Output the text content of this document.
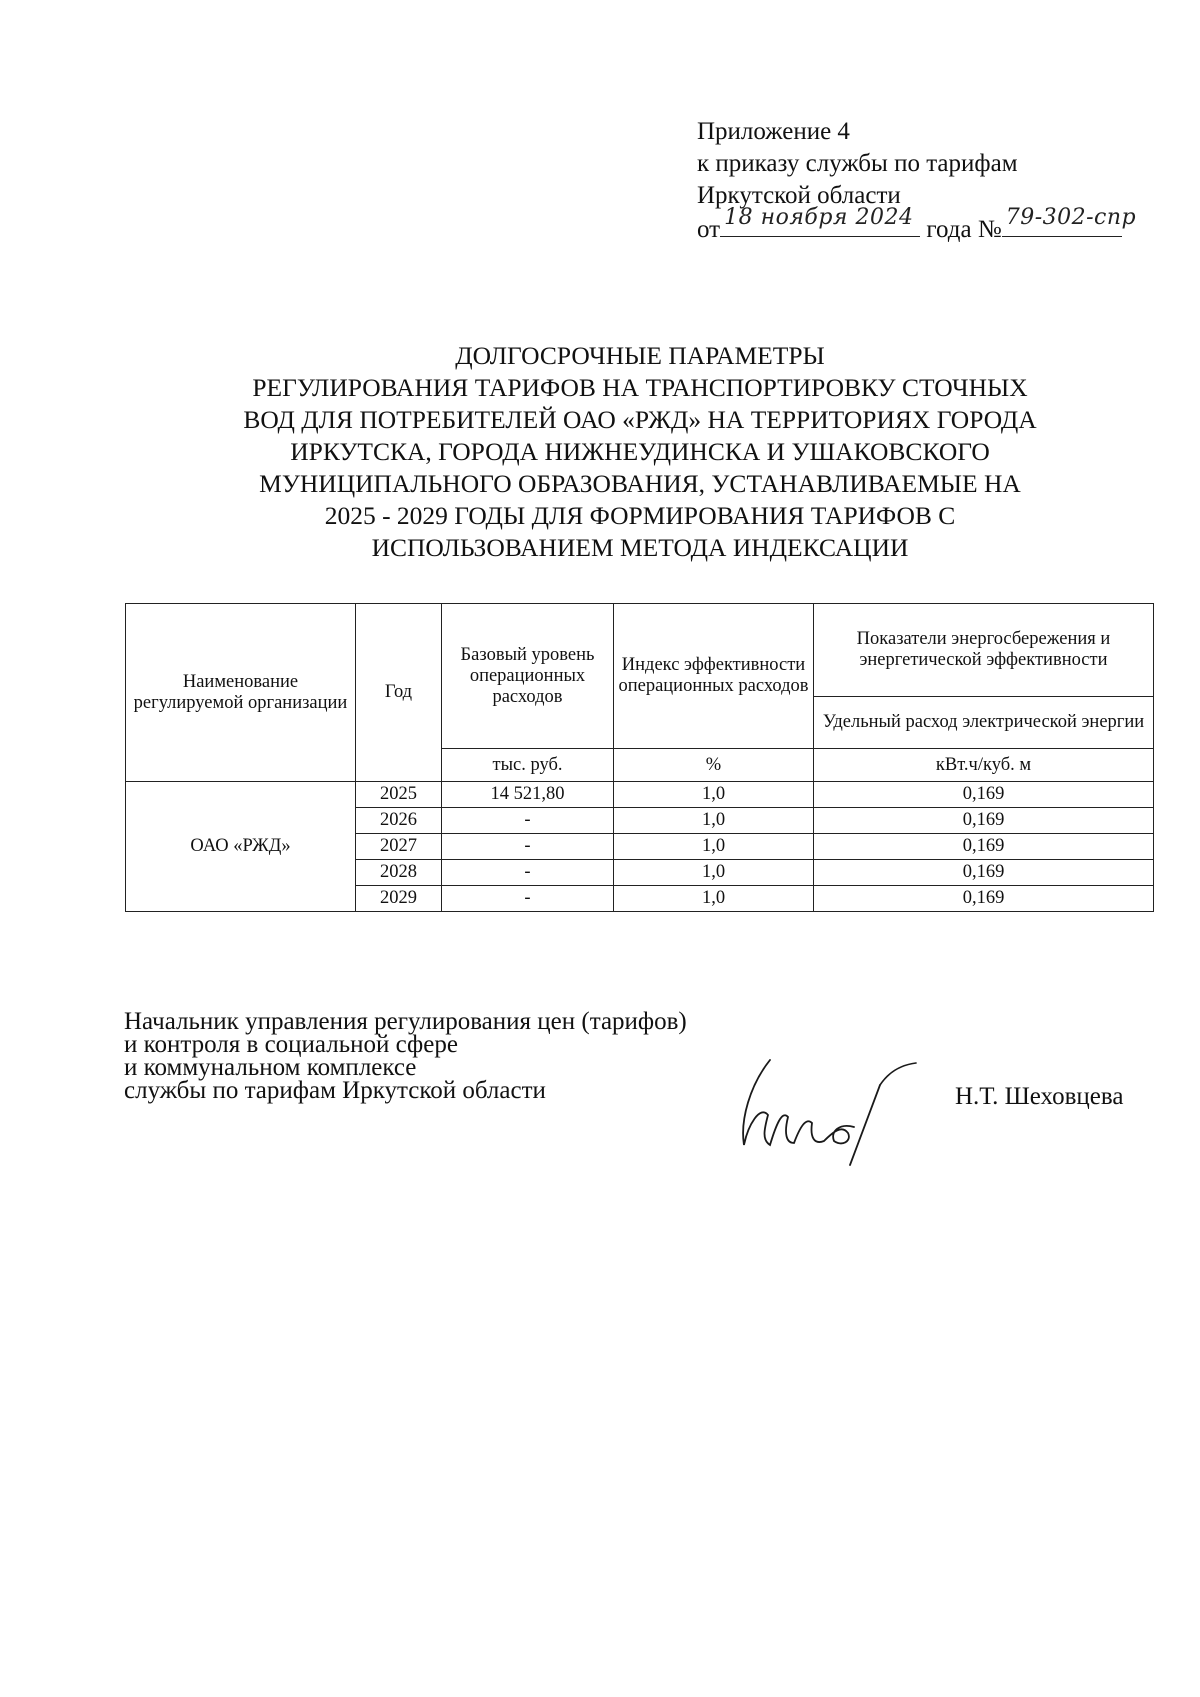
Приложение 4
к приказу службы по тарифам
Иркутской области
от 18 ноября 2024 года № 79-302-спр
ДОЛГОСРОЧНЫЕ ПАРАМЕТРЫ
РЕГУЛИРОВАНИЯ ТАРИФОВ НА ТРАНСПОРТИРОВКУ СТОЧНЫХ
ВОД ДЛЯ ПОТРЕБИТЕЛЕЙ ОАО «РЖД» НА ТЕРРИТОРИЯХ ГОРОДА
ИРКУТСКА, ГОРОДА НИЖНЕУДИНСКА И УШАКОВСКОГО
МУНИЦИПАЛЬНОГО ОБРАЗОВАНИЯ, УСТАНАВЛИВАЕМЫЕ НА
2025 - 2029 ГОДЫ ДЛЯ ФОРМИРОВАНИЯ ТАРИФОВ С
ИСПОЛЬЗОВАНИЕМ МЕТОДА ИНДЕКСАЦИИ
Наименование регулируемой организации	Год	Базовый уровень операционных расходов	Индекс эффективности операционных расходов	Показатели энергосбережения и энергетической эффективности
				Удельный расход электрической энергии
		тыс. руб.	%	кВт.ч/куб. м
ОАО «РЖД»	2025	14 521,80	1,0	0,169
	2026	-	1,0	0,169
	2027	-	1,0	0,169
	2028	-	1,0	0,169
	2029	-	1,0	0,169
Начальник управления регулирования цен (тарифов)
и контроля в социальной сфере
и коммунальном комплексе
службы по тарифам Иркутской области	Н.Т. Шеховцева
